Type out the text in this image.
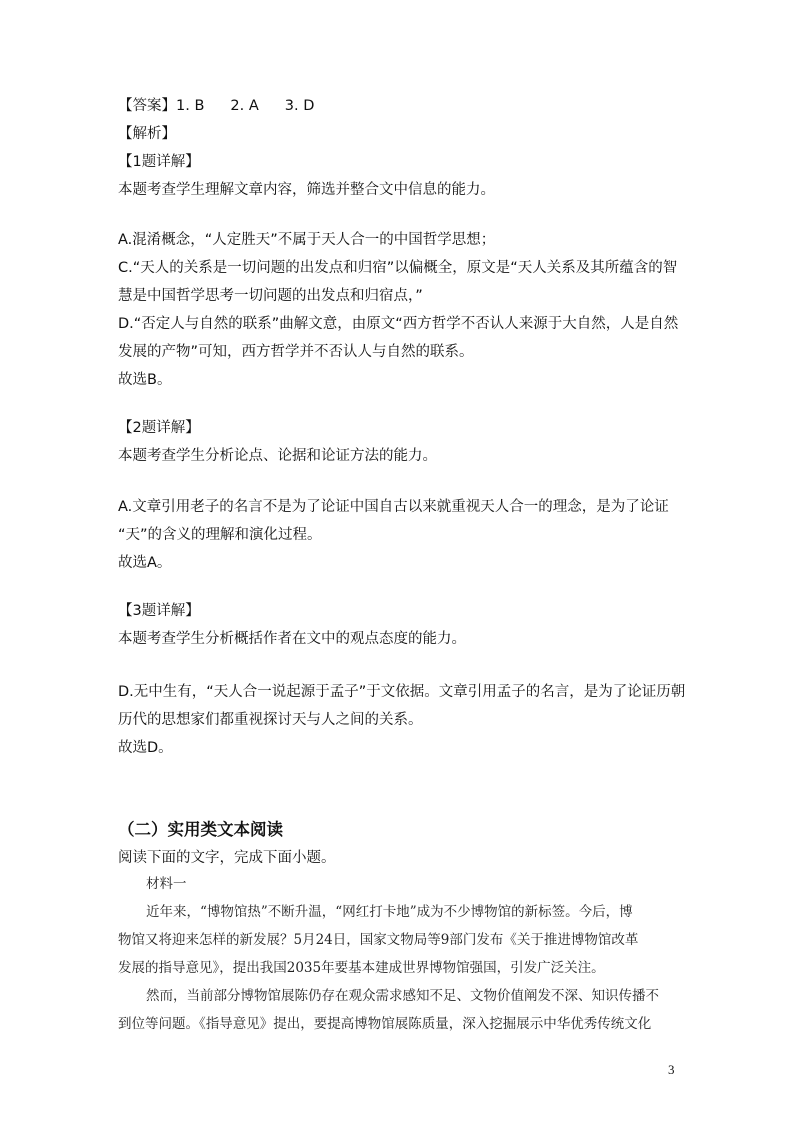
【答案】1. B 2. A 3. D
【解析】
【1题详解】
本题考查学生理解文章内容，筛选并整合文中信息的能力。
A.混淆概念，“人定胜天”不属于天人合一的中国哲学思想；
C.“天人的关系是一切问题的出发点和归宿”以偏概全，原文是“天人关系及其所蕴含的智
慧是中国哲学思考一切问题的出发点和归宿点，”
D.“否定人与自然的联系”曲解文意，由原文“西方哲学不否认人来源于大自然，人是自然
发展的产物”可知，西方哲学并不否认人与自然的联系。
故选B。
【2题详解】
本题考查学生分析论点、论据和论证方法的能力。
A.文章引用老子的名言不是为了论证中国自古以来就重视天人合一的理念，是为了论证
“天”的含义的理解和演化过程。
故选A。
【3题详解】
本题考查学生分析概括作者在文中的观点态度的能力。
D.无中生有，“天人合一说起源于孟子”于文依据。文章引用孟子的名言，是为了论证历朝
历代的思想家们都重视探讨天与人之间的关系。
故选D。
（二）实用类文本阅读
阅读下面的文字，完成下面小题。
材料一
近年来，“博物馆热”不断升温，“网红打卡地”成为不少博物馆的新标签。今后，博
物馆又将迎来怎样的新发展？5月24日，国家文物局等9部门发布《关于推进博物馆改革
发展的指导意见》，提出我国2035年要基本建成世界博物馆强国，引发广泛关注。
然而，当前部分博物馆展陈仍存在观众需求感知不足、文物价值阐发不深、知识传播不
到位等问题。《指导意见》提出，要提高博物馆展陈质量，深入挖掘展示中华优秀传统文化
3
